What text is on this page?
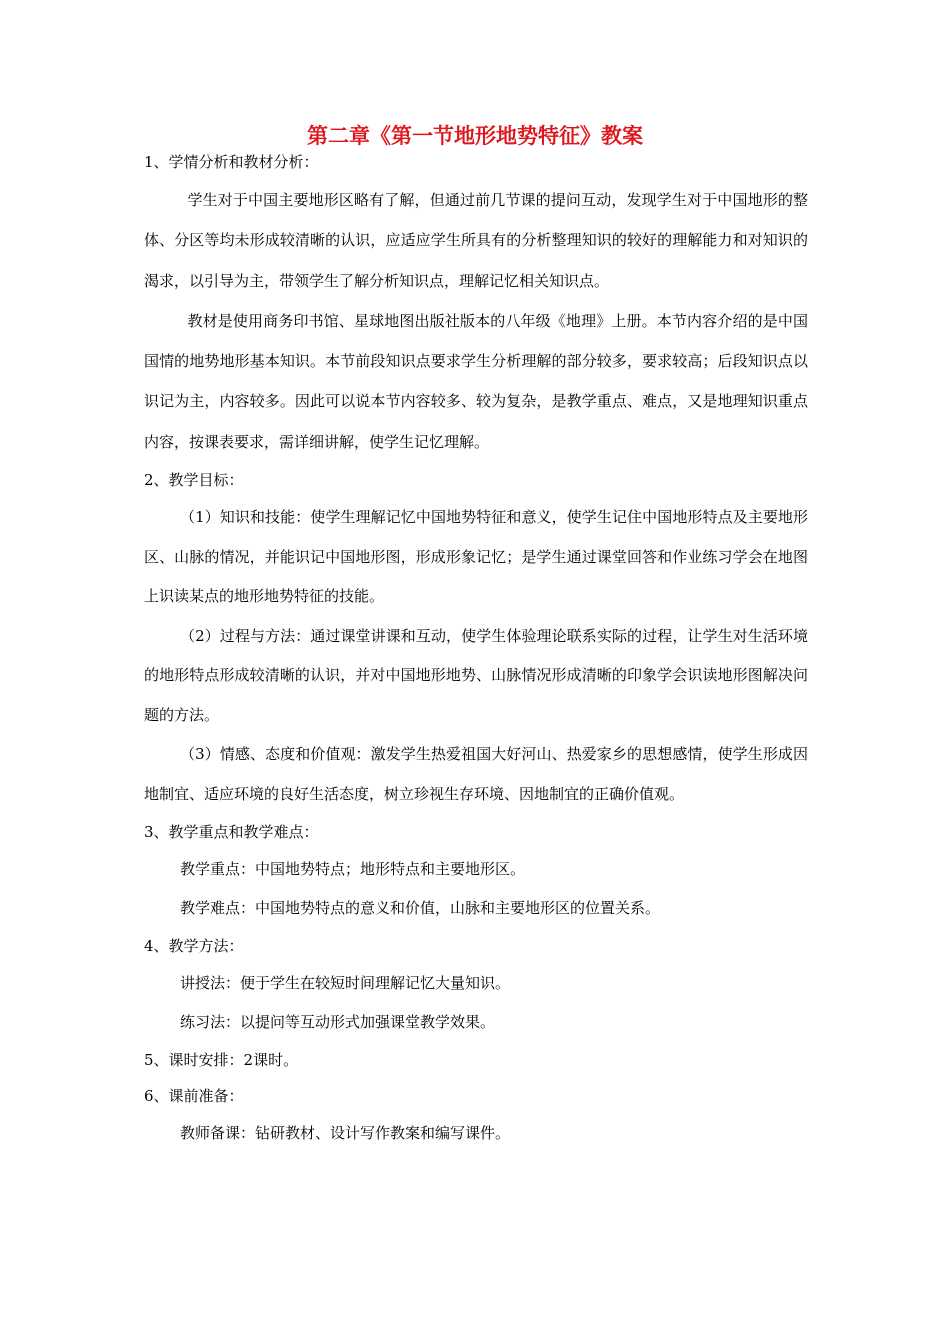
第二章《第一节地形地势特征》教案

1、学情分析和教材分析：

学生对于中国主要地形区略有了解，但通过前几节课的提问互动，发现学生对于中国地形的整体、分区等均未形成较清晰的认识，应适应学生所具有的分析整理知识的较好的理解能力和对知识的渴求，以引导为主，带领学生了解分析知识点，理解记忆相关知识点。

教材是使用商务印书馆、星球地图出版社版本的八年级《地理》上册。本节内容介绍的是中国国情的地势地形基本知识。本节前段知识点要求学生分析理解的部分较多，要求较高；后段知识点以识记为主，内容较多。因此可以说本节内容较多、较为复杂，是教学重点、难点，又是地理知识重点内容，按课表要求，需详细讲解，使学生记忆理解。

2、教学目标：

（1）知识和技能：使学生理解记忆中国地势特征和意义，使学生记住中国地形特点及主要地形区、山脉的情况，并能识记中国地形图，形成形象记忆；是学生通过课堂回答和作业练习学会在地图上识读某点的地形地势特征的技能。

（2）过程与方法：通过课堂讲课和互动，使学生体验理论联系实际的过程，让学生对生活环境的地形特点形成较清晰的认识，并对中国地形地势、山脉情况形成清晰的印象学会识读地形图解决问题的方法。

（3）情感、态度和价值观：激发学生热爱祖国大好河山、热爱家乡的思想感情，使学生形成因地制宜、适应环境的良好生活态度，树立珍视生存环境、因地制宜的正确价值观。

3、教学重点和教学难点：

教学重点：中国地势特点；地形特点和主要地形区。

教学难点：中国地势特点的意义和价值，山脉和主要地形区的位置关系。

4、教学方法：

讲授法：便于学生在较短时间理解记忆大量知识。

练习法：以提问等互动形式加强课堂教学效果。

5、课时安排：2课时。

6、课前准备：

教师备课：钻研教材、设计写作教案和编写课件。
